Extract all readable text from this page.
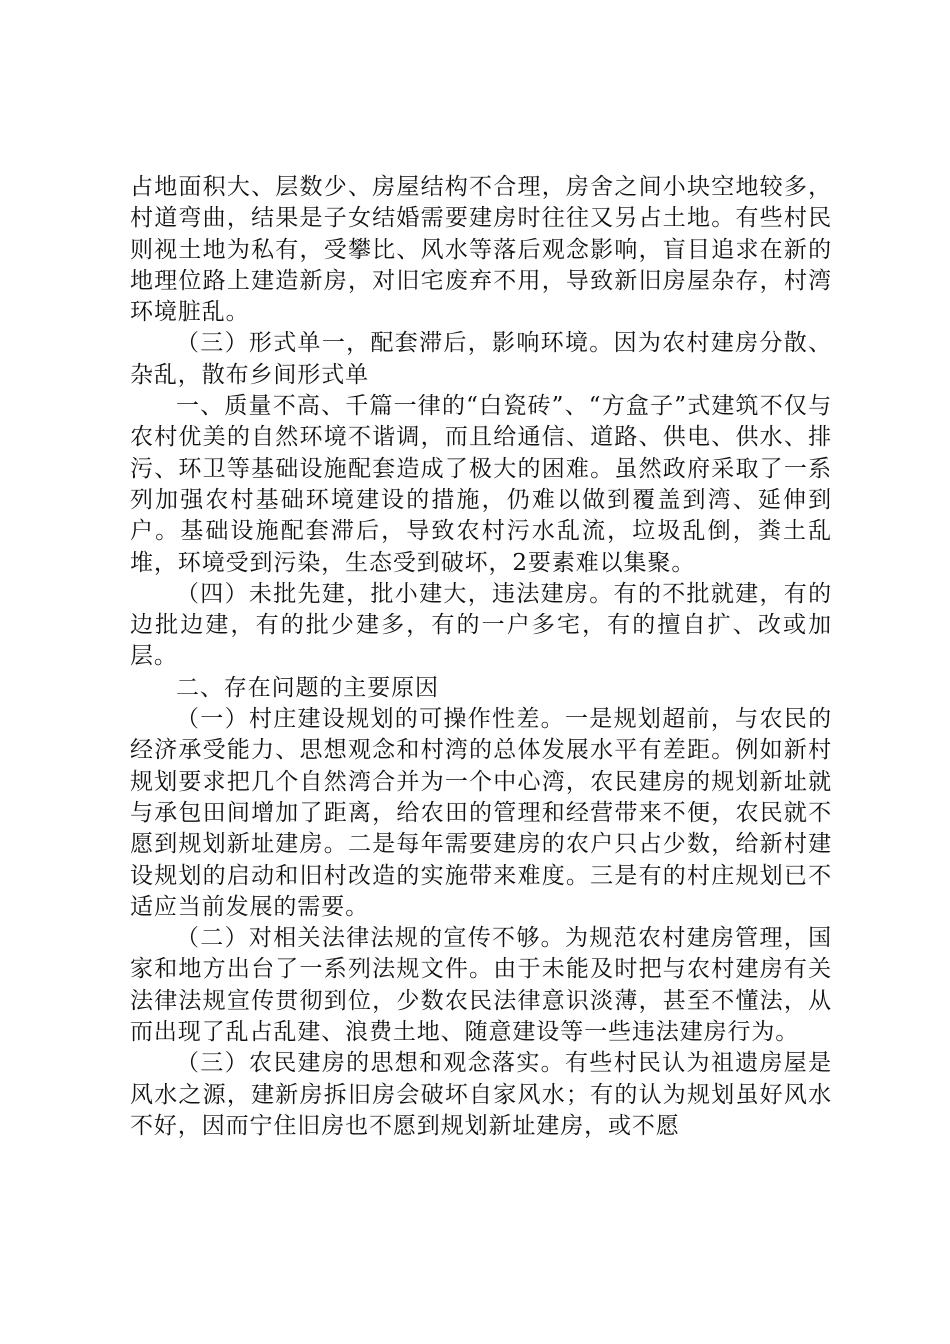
占地面积大、层数少、房屋结构不合理，房舍之间小块空地较多，村道弯曲，结果是子女结婚需要建房时往往又另占土地。有些村民则视土地为私有，受攀比、风水等落后观念影响，盲目追求在新的地理位路上建造新房，对旧宅废弃不用，导致新旧房屋杂存，村湾环境脏乱。

（三）形式单一，配套滞后，影响环境。因为农村建房分散、杂乱，散布乡间形式单

一、质量不高、千篇一律的“白瓷砖”、“方盒子”式建筑不仅与农村优美的自然环境不谐调，而且给通信、道路、供电、供水、排污、环卫等基础设施配套造成了极大的困难。虽然政府采取了一系列加强农村基础环境建设的措施，仍难以做到覆盖到湾、延伸到户。基础设施配套滞后，导致农村污水乱流，垃圾乱倒，粪土乱堆，环境受到污染，生态受到破坏，2要素难以集聚。

（四）未批先建，批小建大，违法建房。有的不批就建，有的边批边建，有的批少建多，有的一户多宅，有的擅自扩、改或加层。

二、存在问题的主要原因

（一）村庄建设规划的可操作性差。一是规划超前，与农民的经济承受能力、思想观念和村湾的总体发展水平有差距。例如新村规划要求把几个自然湾合并为一个中心湾，农民建房的规划新址就与承包田间增加了距离，给农田的管理和经营带来不便，农民就不愿到规划新址建房。二是每年需要建房的农户只占少数，给新村建设规划的启动和旧村改造的实施带来难度。三是有的村庄规划已不适应当前发展的需要。

（二）对相关法律法规的宣传不够。为规范农村建房管理，国家和地方出台了一系列法规文件。由于未能及时把与农村建房有关法律法规宣传贯彻到位，少数农民法律意识淡薄，甚至不懂法，从而出现了乱占乱建、浪费土地、随意建设等一些违法建房行为。

（三）农民建房的思想和观念落实。有些村民认为祖遗房屋是风水之源，建新房拆旧房会破坏自家风水；有的认为规划虽好风水不好，因而宁住旧房也不愿到规划新址建房，或不愿
